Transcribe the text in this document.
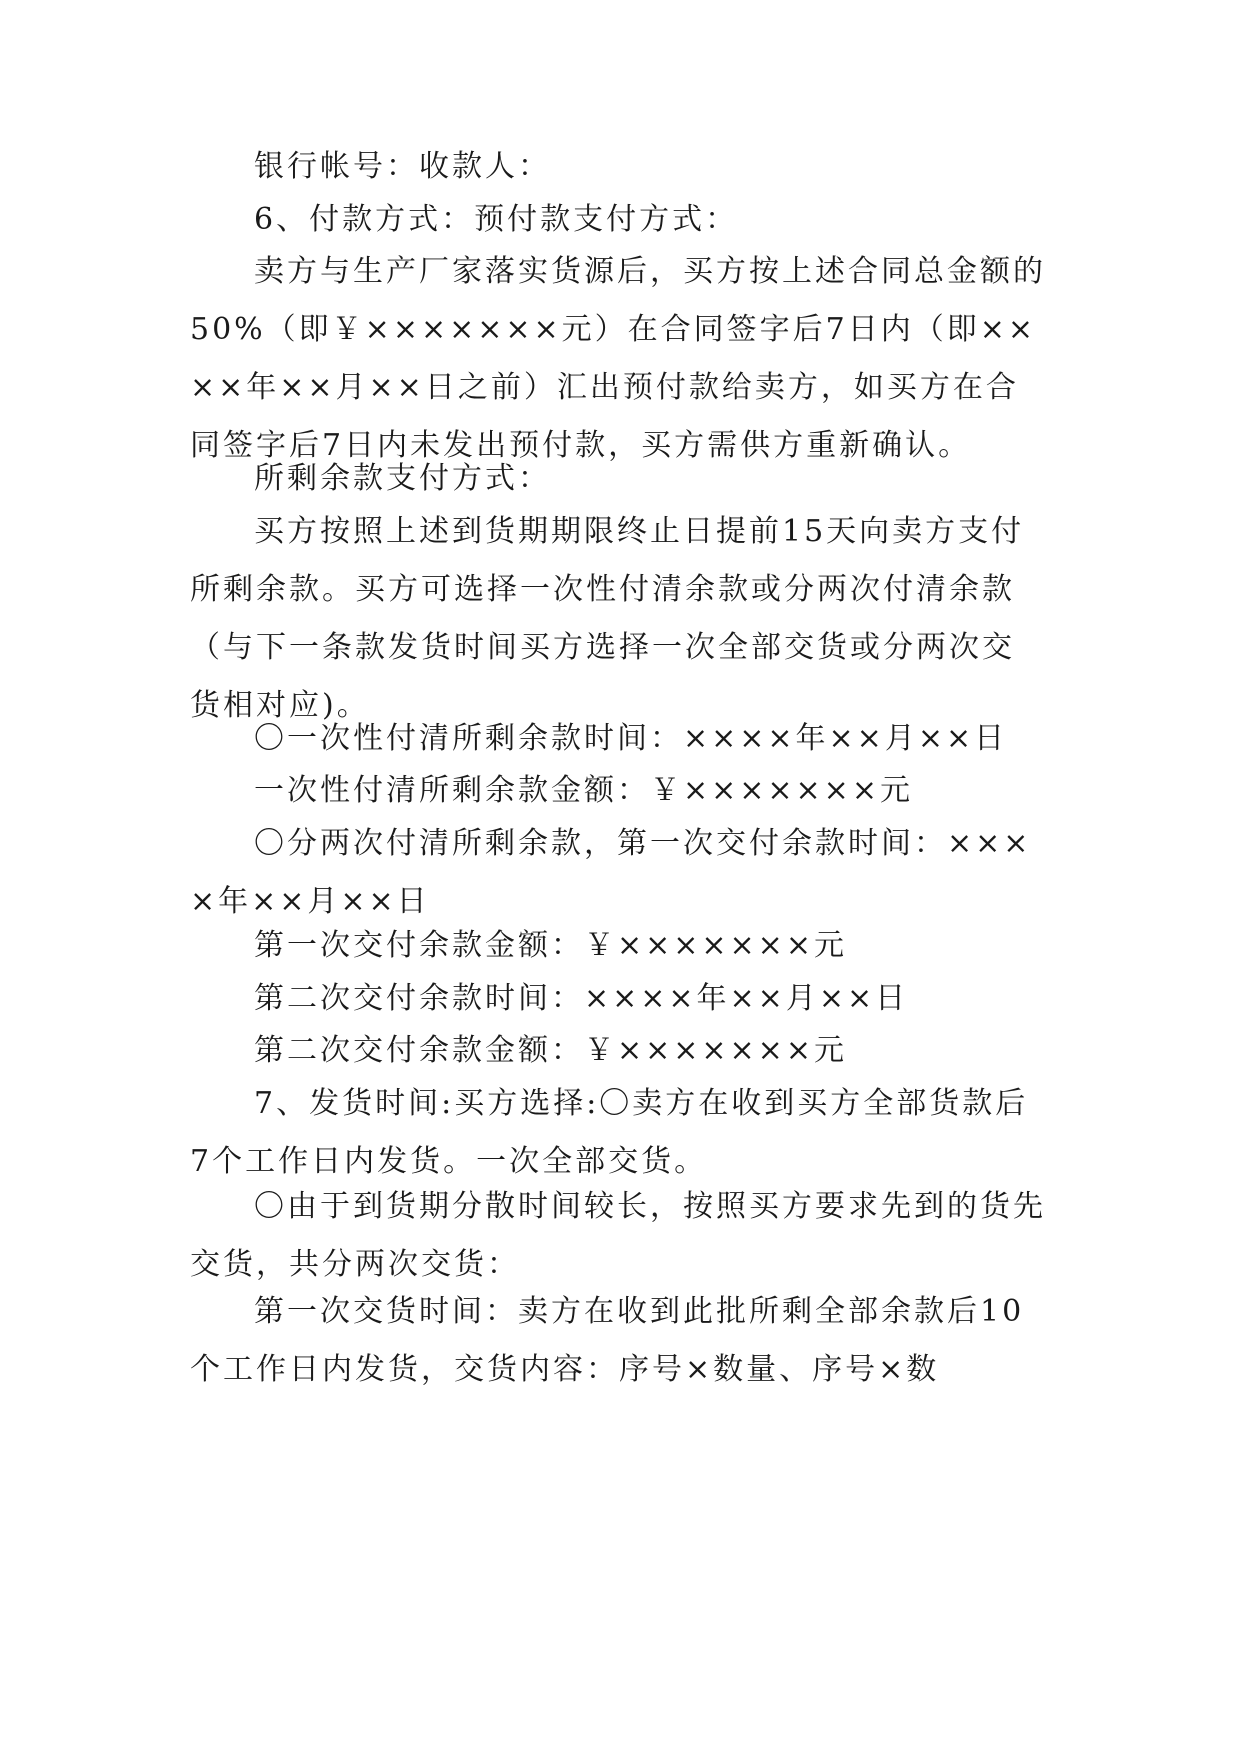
银行帐号：收款人：
6、付款方式：预付款支付方式：
卖方与生产厂家落实货源后，买方按上述合同总金额的
50%（即￥×××××××元）在合同签字后7日内（即××
××年××月××日之前）汇出预付款给卖方，如买方在合
同签字后7日内未发出预付款，买方需供方重新确认。
所剩余款支付方式：
买方按照上述到货期期限终止日提前15天向卖方支付
所剩余款。买方可选择一次性付清余款或分两次付清余款
（与下一条款发货时间买方选择一次全部交货或分两次交
货相对应)。
〇一次性付清所剩余款时间：××××年××月××日
一次性付清所剩余款金额：￥×××××××元
〇分两次付清所剩余款，第一次交付余款时间：×××
×年××月××日
第一次交付余款金额：￥×××××××元
第二次交付余款时间：××××年××月××日
第二次交付余款金额：￥×××××××元
7、发货时间:买方选择:〇卖方在收到买方全部货款后
7个工作日内发货。一次全部交货。
〇由于到货期分散时间较长，按照买方要求先到的货先
交货，共分两次交货：
第一次交货时间：卖方在收到此批所剩全部余款后10
个工作日内发货，交货内容：序号×数量、序号×数
